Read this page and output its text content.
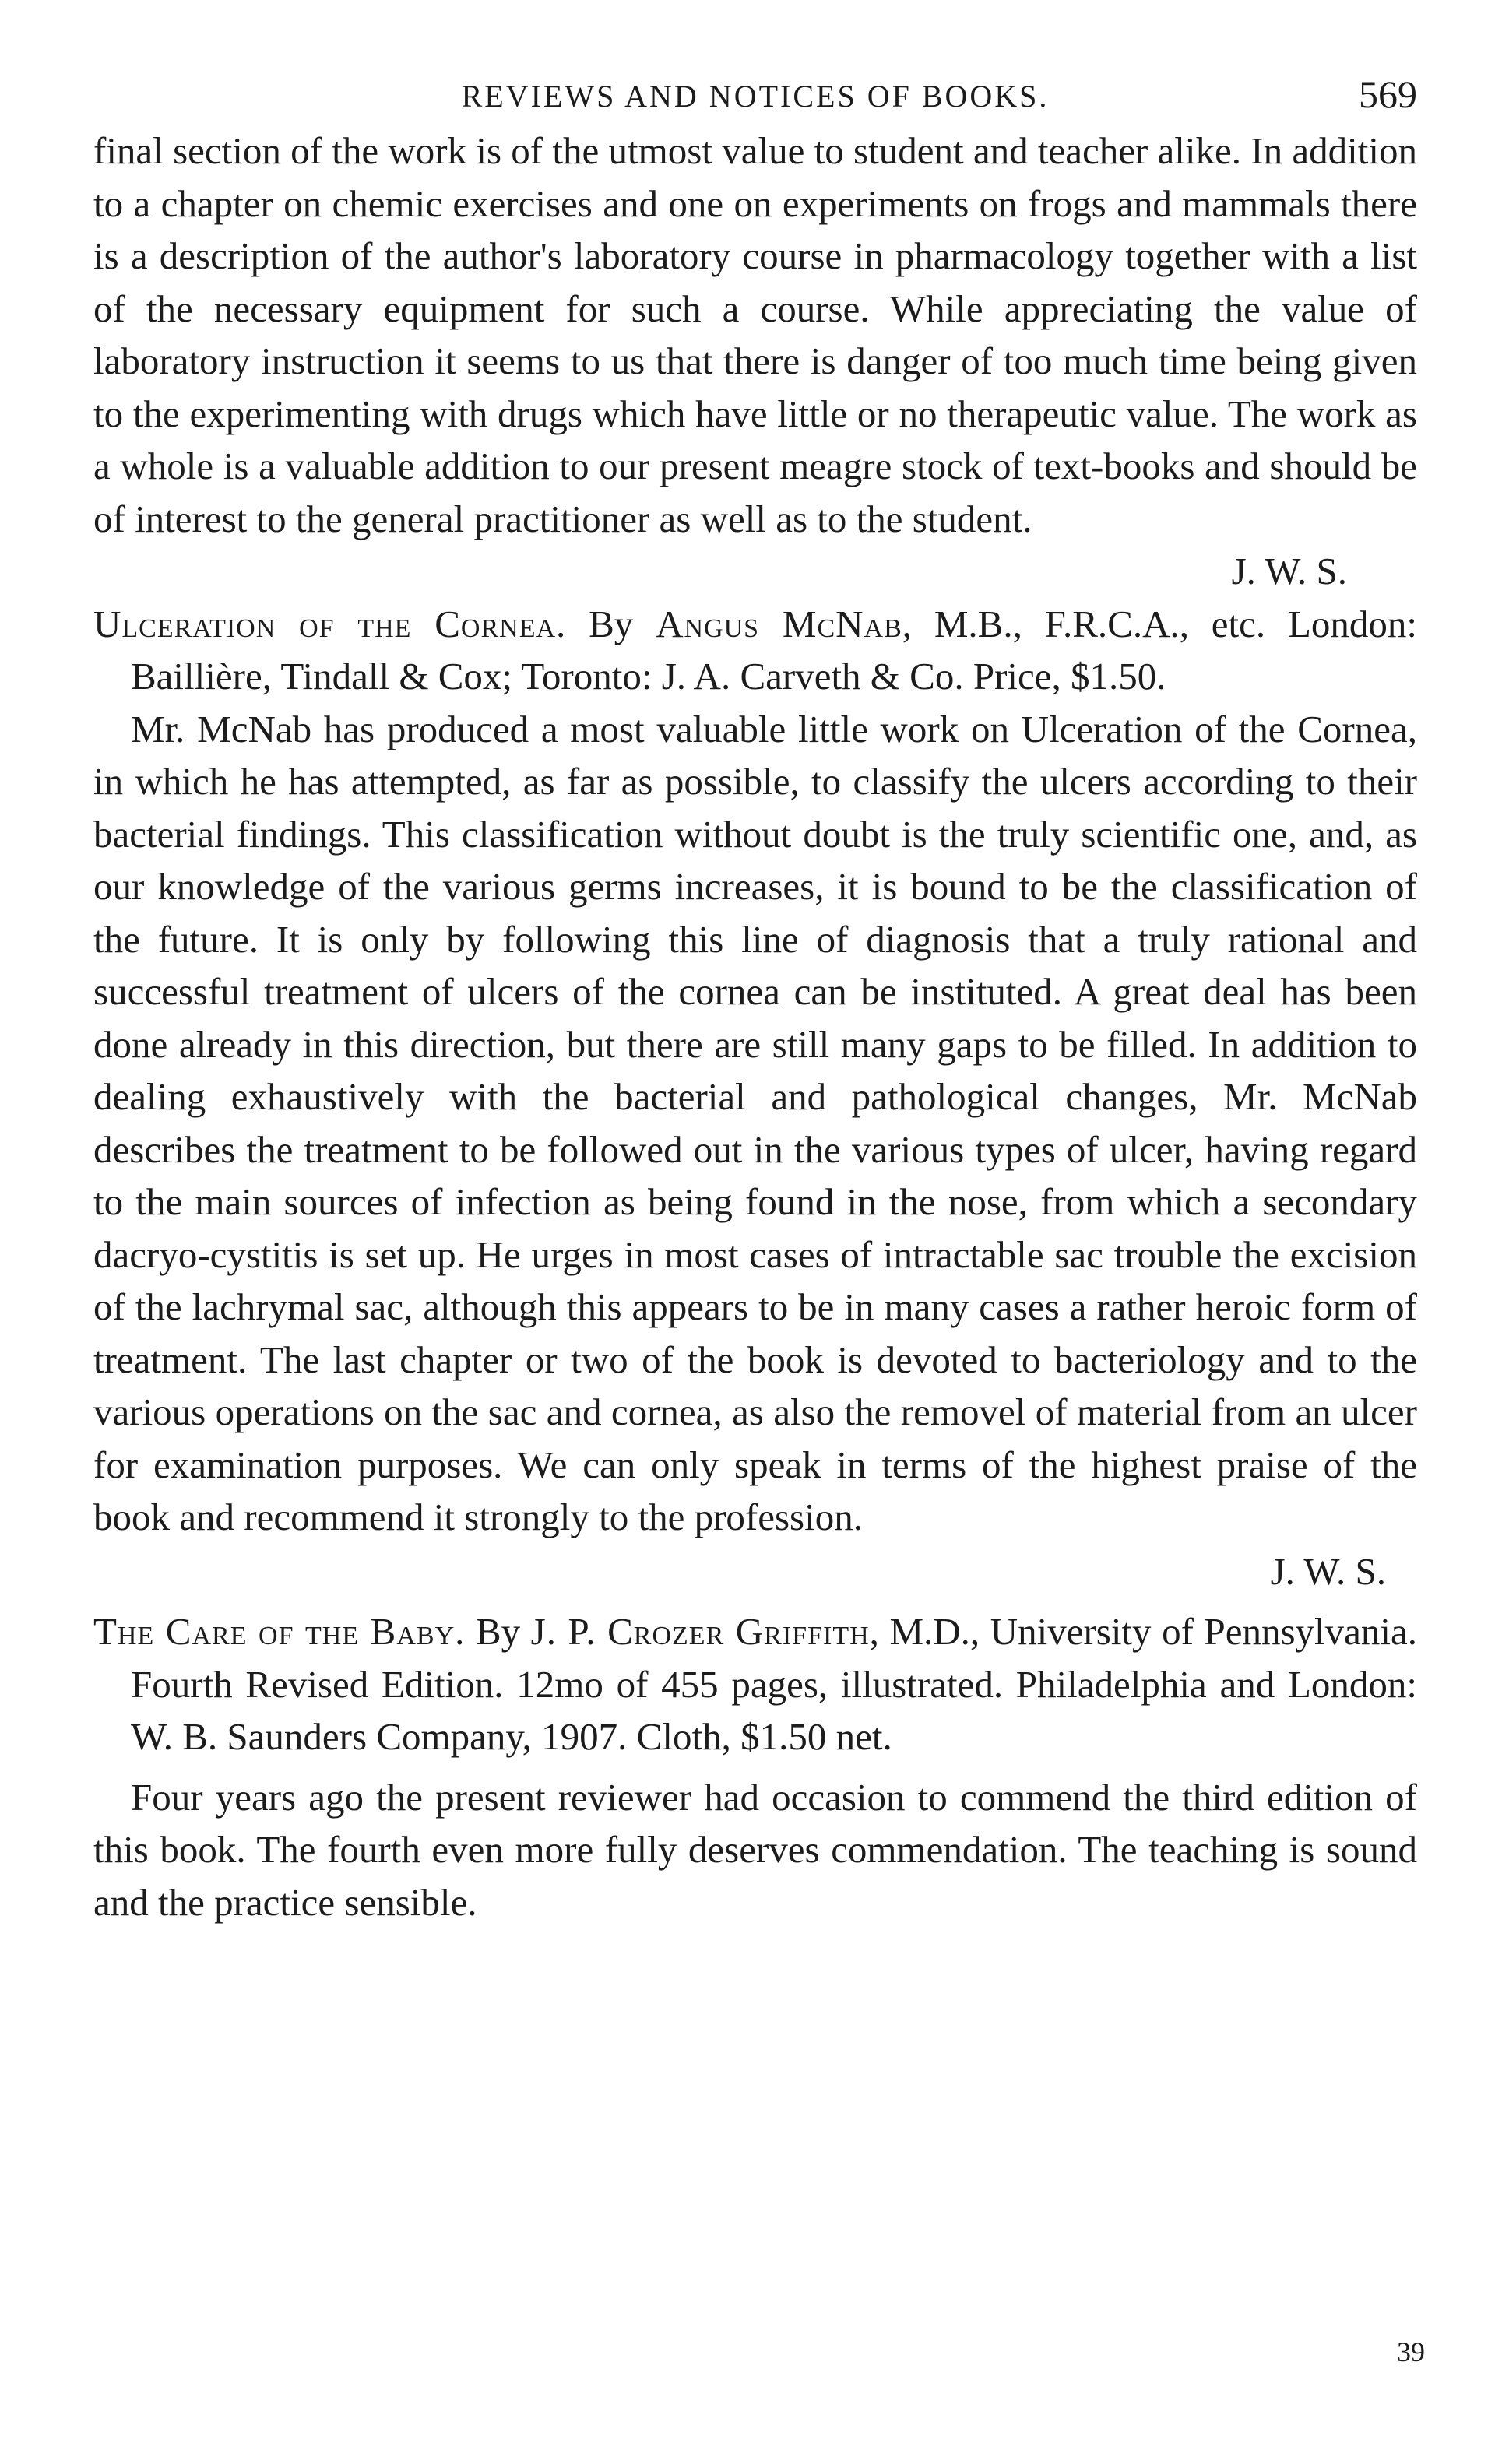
REVIEWS AND NOTICES OF BOOKS.	569

final section of the work is of the utmost value to student and teacher alike. In addition to a chapter on chemic exercises and one on experiments on frogs and mammals there is a description of the author's laboratory course in pharmacology together with a list of the necessary equipment for such a course. While appreciating the value of laboratory instruction it seems to us that there is danger of too much time being given to the experimenting with drugs which have little or no therapeutic value. The work as a whole is a valuable addition to our present meagre stock of text-books and should be of interest to the general practitioner as well as to the student.

J. W. S.

Ulceration of the Cornea. By Angus McNab, M.B., F.R.C.A., etc. London: Baillière, Tindall & Cox; Toronto: J. A. Carveth & Co. Price, $1.50.

Mr. McNab has produced a most valuable little work on Ulceration of the Cornea, in which he has attempted, as far as possible, to classify the ulcers according to their bacterial findings. This classification without doubt is the truly scientific one, and, as our knowledge of the various germs increases, it is bound to be the classification of the future. It is only by following this line of diagnosis that a truly rational and successful treatment of ulcers of the cornea can be instituted. A great deal has been done already in this direction, but there are still many gaps to be filled. In addition to dealing exhaustively with the bacterial and pathological changes, Mr. McNab describes the treatment to be followed out in the various types of ulcer, having regard to the main sources of infection as being found in the nose, from which a secondary dacryo-cystitis is set up. He urges in most cases of intractable sac trouble the excision of the lachrymal sac, although this appears to be in many cases a rather heroic form of treatment. The last chapter or two of the book is devoted to bacteriology and to the various operations on the sac and cornea, as also the removel of material from an ulcer for examination purposes. We can only speak in terms of the highest praise of the book and recommend it strongly to the profession.

J. W. S.

The Care of the Baby. By J. P. Crozer Griffith, M.D., University of Pennsylvania. Fourth Revised Edition. 12mo of 455 pages, illustrated. Philadelphia and London: W. B. Saunders Company, 1907. Cloth, $1.50 net.

Four years ago the present reviewer had occasion to commend the third edition of this book. The fourth even more fully deserves commendation. The teaching is sound and the practice sensible.

39
